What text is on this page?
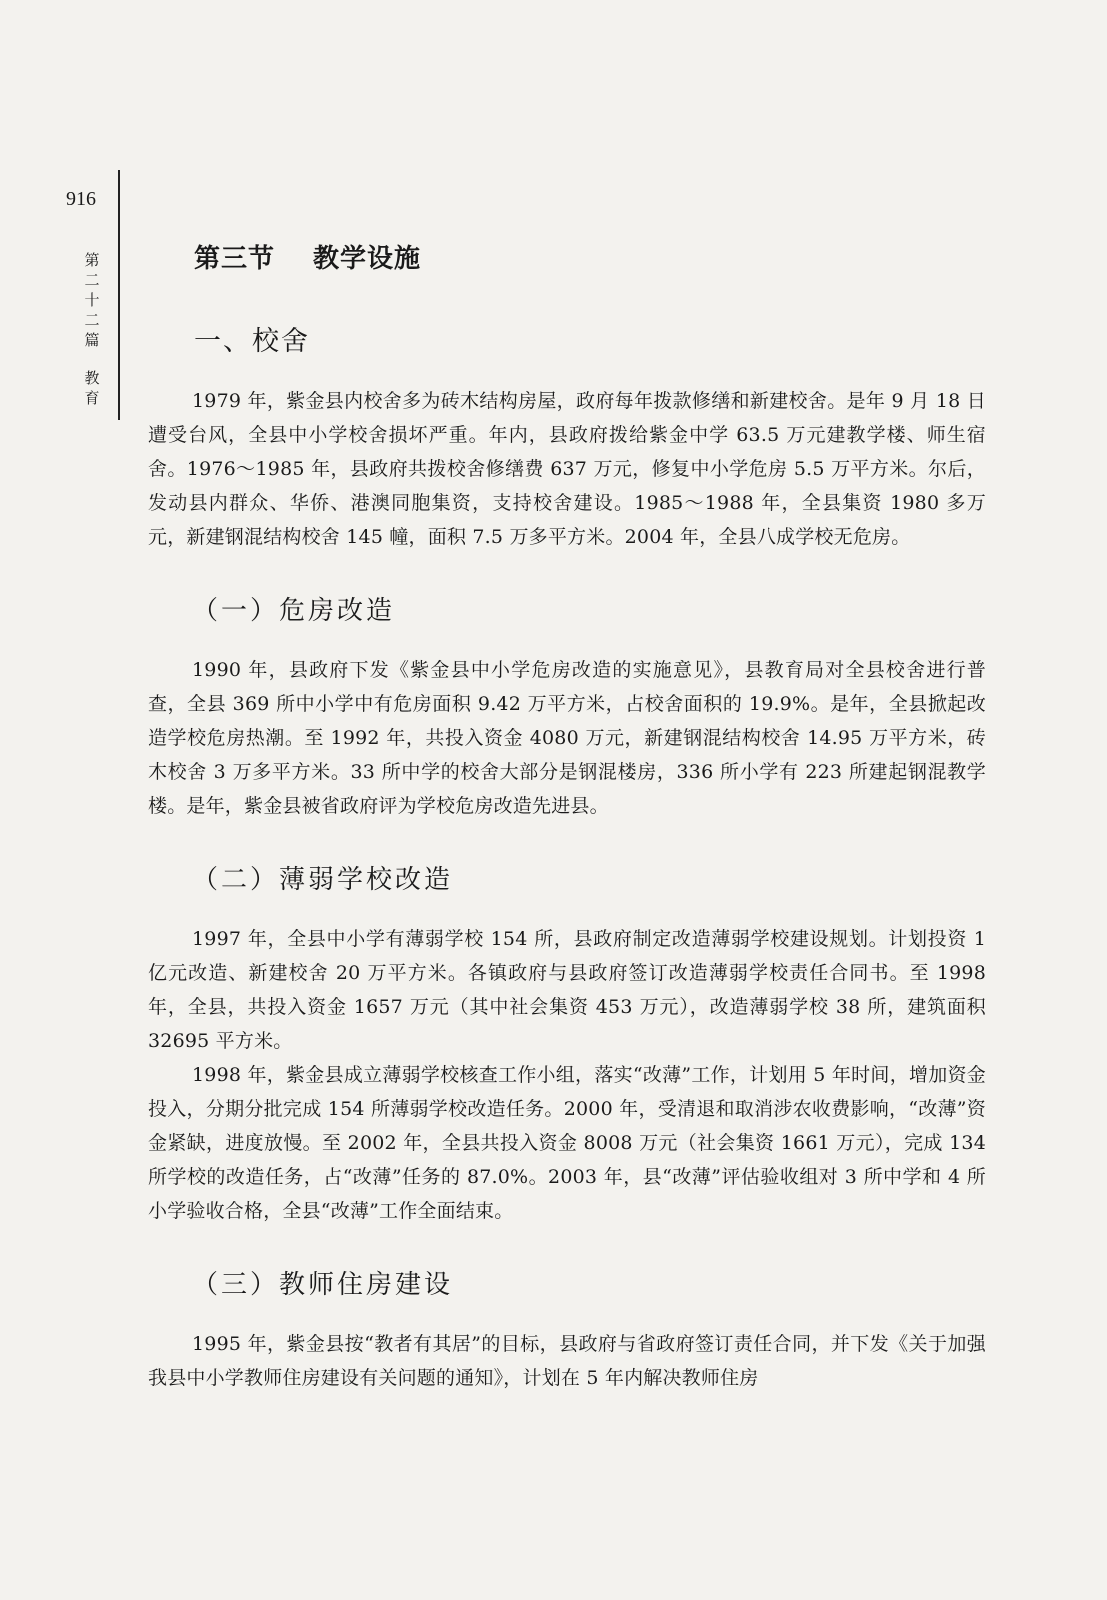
916
第
二
十
二
篇
教
育
第三节 教学设施
一、校舍

1979 年，紫金县内校舍多为砖木结构房屋，政府每年拨款修缮和新建校舍。是年 9 月 18 日遭受台风，全县中小学校舍损坏严重。年内，县政府拨给紫金中学 63.5 万元建教学楼、师生宿舍。1976～1985 年，县政府共拨校舍修缮费 637 万元，修复中小学危房 5.5 万平方米。尔后，发动县内群众、华侨、港澳同胞集资，支持校舍建设。1985～1988 年，全县集资 1980 多万元，新建钢混结构校舍 145 幢，面积 7.5 万多平方米。2004 年，全县八成学校无危房。

（一）危房改造

1990 年，县政府下发《紫金县中小学危房改造的实施意见》，县教育局对全县校舍进行普查，全县 369 所中小学中有危房面积 9.42 万平方米，占校舍面积的 19.9%。是年，全县掀起改造学校危房热潮。至 1992 年，共投入资金 4080 万元，新建钢混结构校舍 14.95 万平方米，砖木校舍 3 万多平方米。33 所中学的校舍大部分是钢混楼房，336 所小学有 223 所建起钢混教学楼。是年，紫金县被省政府评为学校危房改造先进县。

（二）薄弱学校改造

1997 年，全县中小学有薄弱学校 154 所，县政府制定改造薄弱学校建设规划。计划投资 1 亿元改造、新建校舍 20 万平方米。各镇政府与县政府签订改造薄弱学校责任合同书。至 1998 年，全县，共投入资金 1657 万元（其中社会集资 453 万元），改造薄弱学校 38 所，建筑面积 32695 平方米。

1998 年，紫金县成立薄弱学校核查工作小组，落实“改薄”工作，计划用 5 年时间，增加资金投入，分期分批完成 154 所薄弱学校改造任务。2000 年，受清退和取消涉农收费影响，“改薄”资金紧缺，进度放慢。至 2002 年，全县共投入资金 8008 万元（社会集资 1661 万元），完成 134 所学校的改造任务，占“改薄”任务的 87.0%。2003 年，县“改薄”评估验收组对 3 所中学和 4 所小学验收合格，全县“改薄”工作全面结束。

（三）教师住房建设

1995 年，紫金县按“教者有其居”的目标，县政府与省政府签订责任合同，并下发《关于加强我县中小学教师住房建设有关问题的通知》，计划在 5 年内解决教师住房
